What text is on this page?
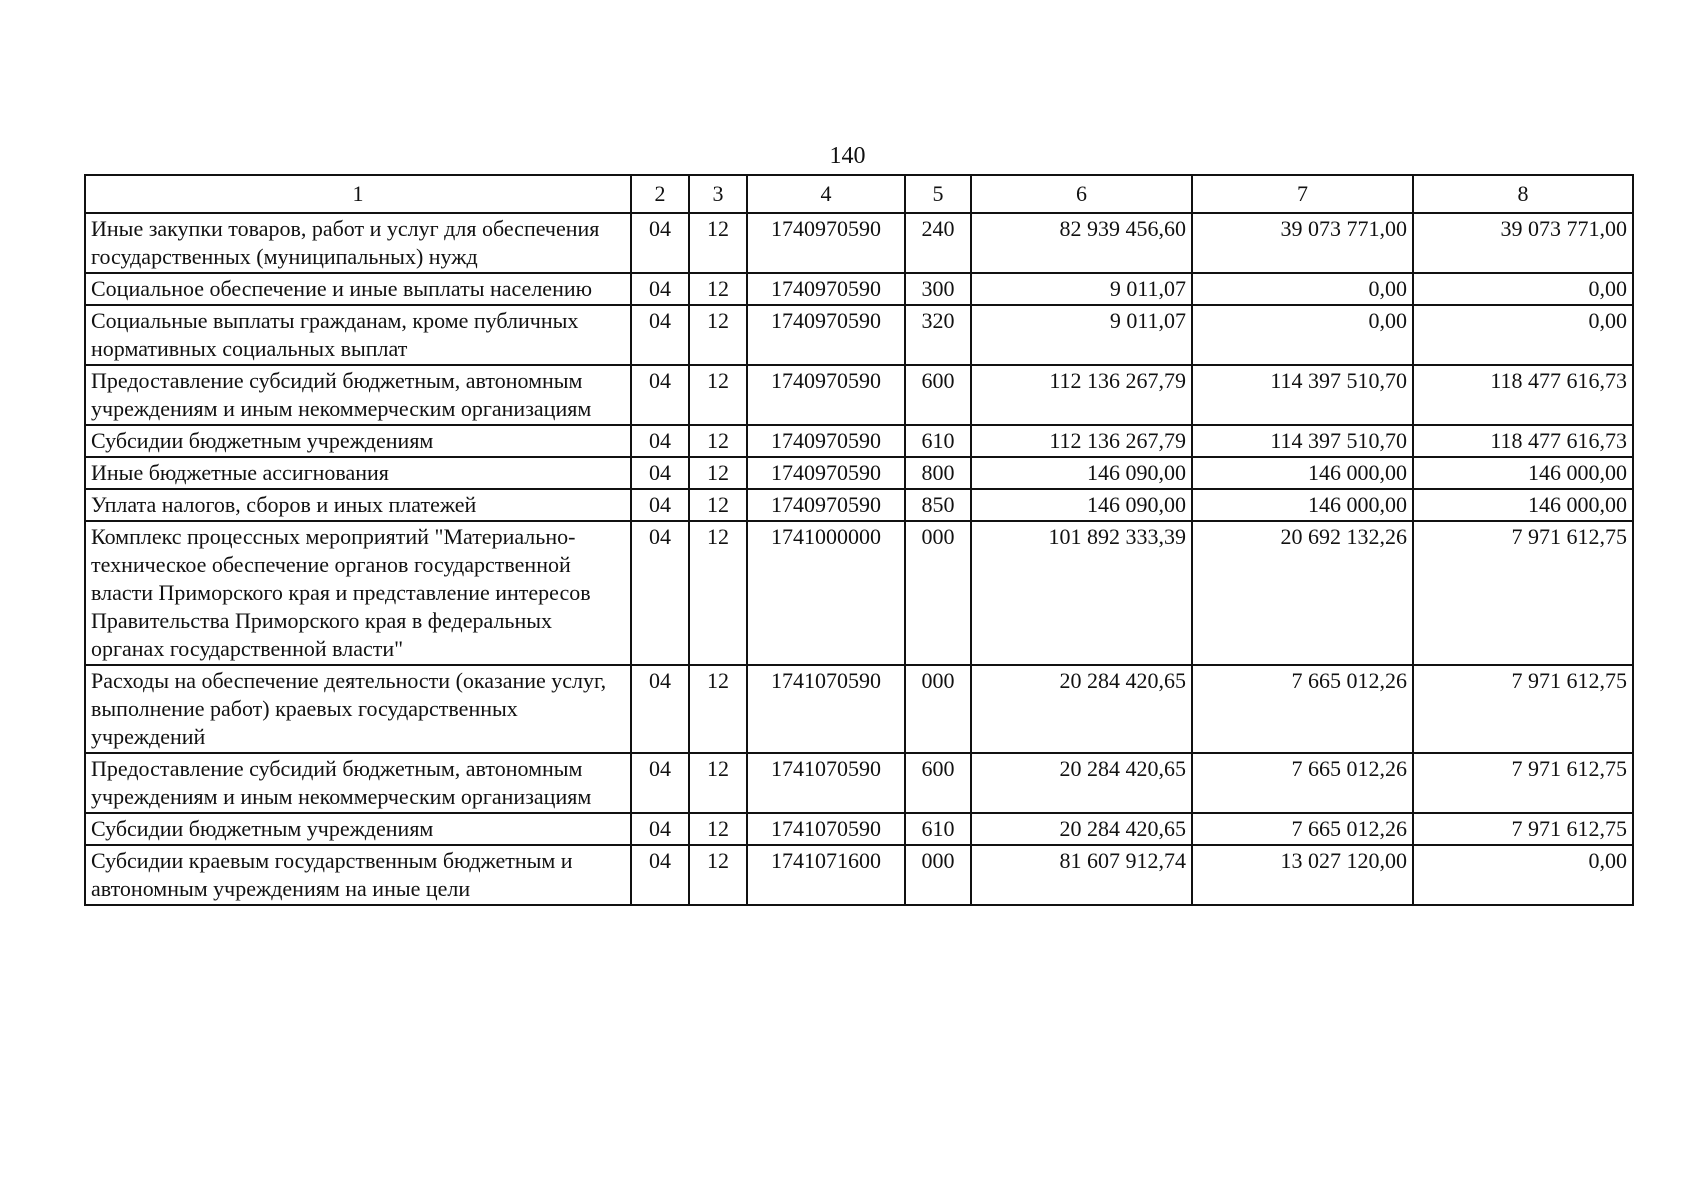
140
1	2	3	4	5	6	7	8
Иные закупки товаров, работ и услуг для обеспечения государственных (муниципальных) нужд	04	12	1740970590	240	82 939 456,60	39 073 771,00	39 073 771,00
Социальное обеспечение и иные выплаты населению	04	12	1740970590	300	9 011,07	0,00	0,00
Социальные выплаты гражданам, кроме публичных нормативных социальных выплат	04	12	1740970590	320	9 011,07	0,00	0,00
Предоставление субсидий бюджетным, автономным учреждениям и иным некоммерческим организациям	04	12	1740970590	600	112 136 267,79	114 397 510,70	118 477 616,73
Субсидии бюджетным учреждениям	04	12	1740970590	610	112 136 267,79	114 397 510,70	118 477 616,73
Иные бюджетные ассигнования	04	12	1740970590	800	146 090,00	146 000,00	146 000,00
Уплата налогов, сборов и иных платежей	04	12	1740970590	850	146 090,00	146 000,00	146 000,00
Комплекс процессных мероприятий "Материально-техническое обеспечение органов государственной власти Приморского края и представление интересов Правительства Приморского края в федеральных органах государственной власти"	04	12	1741000000	000	101 892 333,39	20 692 132,26	7 971 612,75
Расходы на обеспечение деятельности (оказание услуг, выполнение работ) краевых государственных учреждений	04	12	1741070590	000	20 284 420,65	7 665 012,26	7 971 612,75
Предоставление субсидий бюджетным, автономным учреждениям и иным некоммерческим организациям	04	12	1741070590	600	20 284 420,65	7 665 012,26	7 971 612,75
Субсидии бюджетным учреждениям	04	12	1741070590	610	20 284 420,65	7 665 012,26	7 971 612,75
Субсидии краевым государственным бюджетным и автономным учреждениям на иные цели	04	12	1741071600	000	81 607 912,74	13 027 120,00	0,00
